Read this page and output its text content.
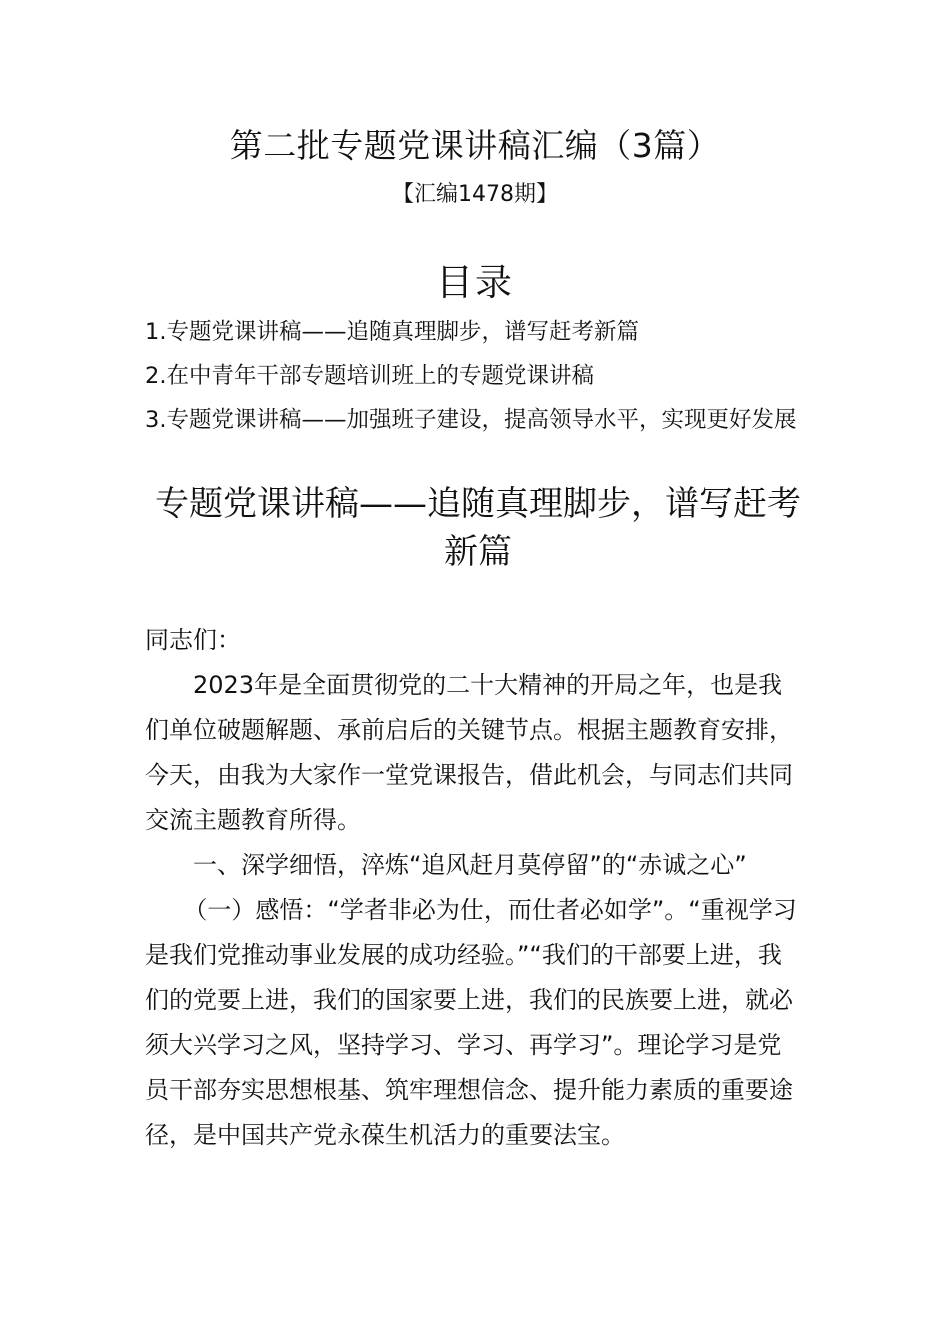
第二批专题党课讲稿汇编（3篇）
【汇编1478期】
目录
1.专题党课讲稿——追随真理脚步，谱写赶考新篇
2.在中青年干部专题培训班上的专题党课讲稿
3.专题党课讲稿——加强班子建设，提高领导水平，实现更好发展
专题党课讲稿——追随真理脚步，谱写赶考新篇

同志们：

2023年是全面贯彻党的二十大精神的开局之年，也是我们单位破题解题、承前启后的关键节点。根据主题教育安排，今天，由我为大家作一堂党课报告，借此机会，与同志们共同交流主题教育所得。

一、深学细悟，淬炼“追风赶月莫停留”的“赤诚之心”

（一）感悟：“学者非必为仕，而仕者必如学”。“重视学习是我们党推动事业发展的成功经验。”“我们的干部要上进，我们的党要上进，我们的国家要上进，我们的民族要上进，就必须大兴学习之风，坚持学习、学习、再学习”。理论学习是党员干部夯实思想根基、筑牢理想信念、提升能力素质的重要途径，是中国共产党永葆生机活力的重要法宝。
